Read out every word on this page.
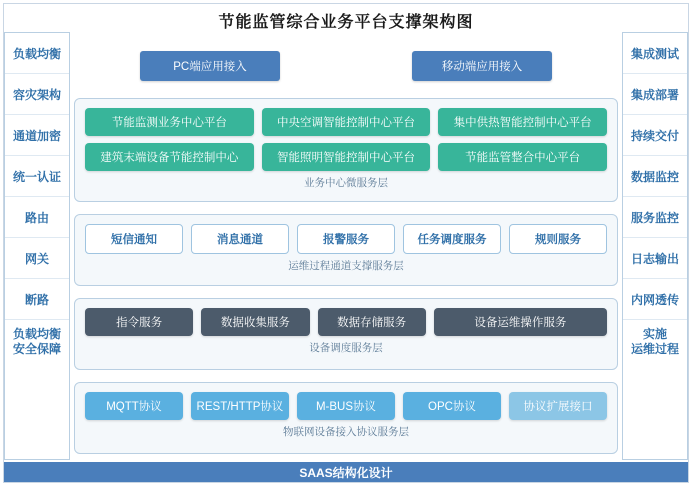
节能监管综合业务平台支撑架构图
负载均衡
容灾架构
通道加密
统一认证
路由
网关
断路
负载均衡
安全保障
集成测试
集成部署
持续交付
数据监控
服务监控
日志输出
内网透传
实施
运维过程
PC端应用接入	移动端应用接入
节能监测业务中心平台	中央空调智能控制中心平台	集中供热智能控制中心平台
建筑末端设备节能控制中心	智能照明智能控制中心平台	节能监管整合中心平台
业务中心微服务层
短信通知	消息通道	报警服务	任务调度服务	规则服务
运维过程通道支撑服务层
指令服务	数据收集服务	数据存储服务	设备运维操作服务
设备调度服务层
MQTT协议	REST/HTTP协议	M-BUS协议	OPC协议	协议扩展接口
物联网设备接入协议服务层
SAAS结构化设计
